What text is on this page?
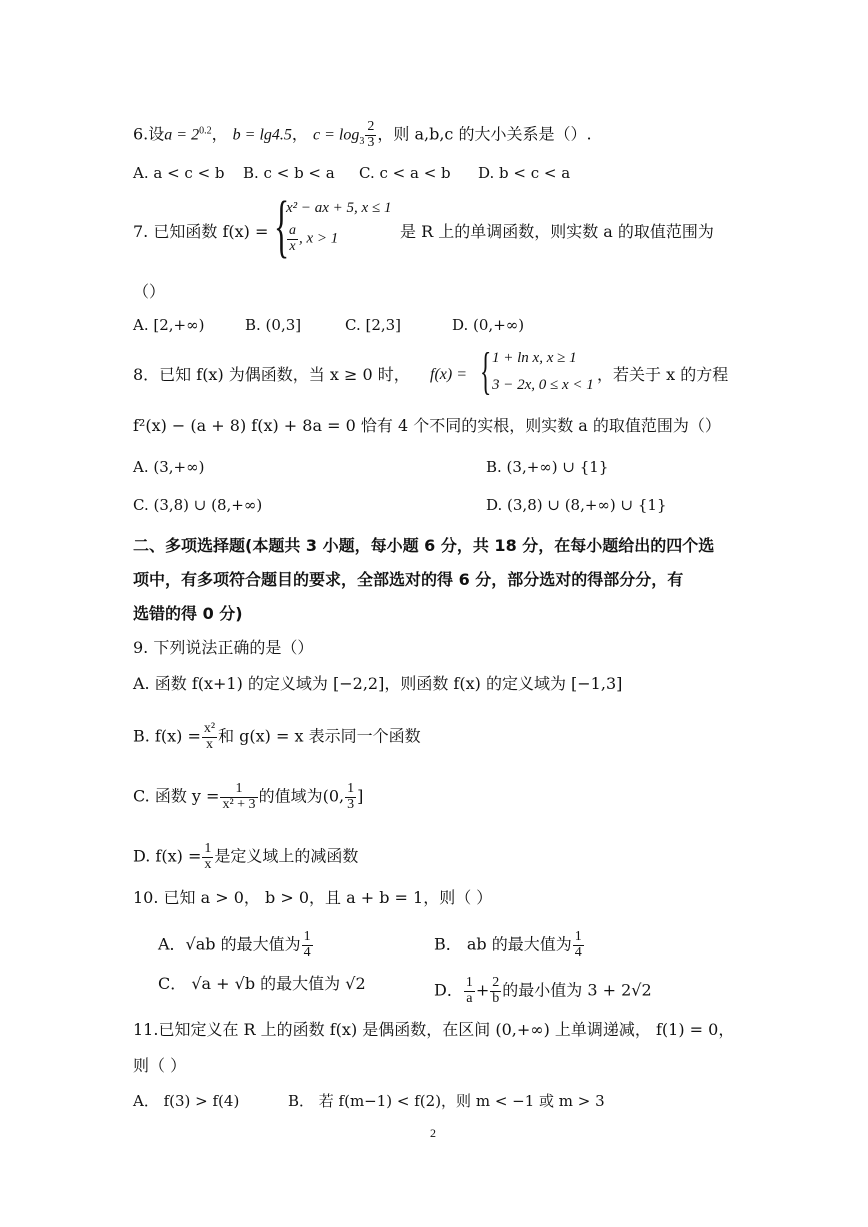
6.设$a = 2^{0.2}$， b = lg4.5， $c = \log_3 \frac{2}{3}$ ，则 a,b,c 的大小关系是（）.
A. a < c < b B. c < b < a C. c < a < b D. b < c < a
7. 已知函数 f(x) = {
x² − ax + 5, x ≤ 1
$\frac{a}{x}$ , x > 1	是 R 上的单调函数，则实数 a 的取值范围为
（）
A. [2,+∞)	B. (0,3]	C. [2,3]	D. (0,+∞)
8．已知 f(x) 为偶函数，当 x ≥ 0 时， f(x) = { 1 + ln x, x ≥ 1
3 − 2x, 0 ≤ x < 1
，若关于 x 的方程
f²(x) − (a + 8) f(x) + 8a = 0 恰有 4 个不同的实根，则实数 a 的取值范围为（）
A. (3,+∞)	B. (3,+∞) ∪ {1}
C. (3,8) ∪ (8,+∞)	D. (3,8) ∪ (8,+∞) ∪ {1}
二、多项选择题(本题共 3 小题，每小题 6 分，共 18 分，在每小题给出的四个选
项中，有多项符合题目的要求，全部选对的得 6 分，部分选对的得部分分，有
选错的得 0 分)
9. 下列说法正确的是（）
A. 函数 f(x+1) 的定义域为 [−2,2]，则函数 f(x) 的定义域为 [−1,3]
B. $f(x) = \frac{\text{x²}}{x}$ 和 g(x) = x 表示同一个函数
C. 函数 $y = \frac{1}{\text{x² + 3}}$ 的值域为(0, $\frac{1}{3}$ ]
D. $f(x) = \frac{1}{x}$ 是定义域上的减函数
10. 已知 a > 0， b > 0，且 a + b = 1，则（ ）
A．√ab 的最大值为 $\frac{1}{4}$	B． ab 的最大值为 $\frac{1}{4}$
C． √a + √b 的最大值为 √2	D． $\frac{1}{a} + \frac{2}{b}$ 的最小值为 3 + 2√2
11.已知定义在 R 上的函数 f(x) 是偶函数，在区间 (0,+∞) 上单调递减， f(1) = 0，
则（ ）
A． f(3) > f(4)	B． 若 f(m−1) < f(2)，则 m < −1 或 m > 3
2
